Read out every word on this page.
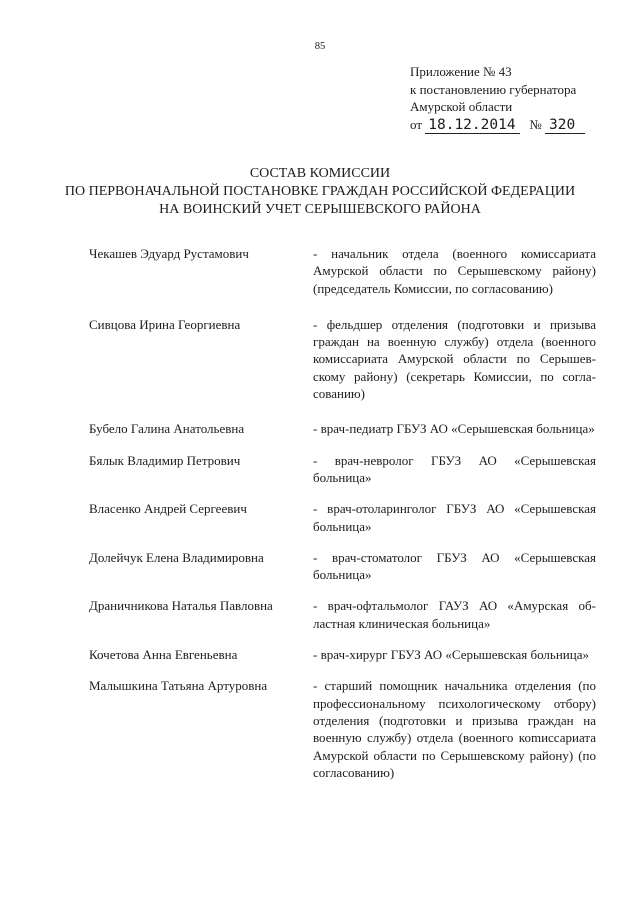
85
Приложение № 43
к постановлению губернатора
Амурской области
от 18.12.2014 № 320
СОСТАВ КОМИССИИ
ПО ПЕРВОНАЧАЛЬНОЙ ПОСТАНОВКЕ ГРАЖДАН РОССИЙСКОЙ ФЕДЕРАЦИИ
НА ВОИНСКИЙ УЧЕТ СЕРЫШЕВСКОГО РАЙОНА
Чекашев Эдуард Рустамович	- начальник отдела (военного комиссариата Амурской области по Серышевскому району) (председатель Комиссии, по согласованию)
Сивцова Ирина Георгиевна	- фельдшер отделения (подготовки и призыва граждан на военную службу) отдела (военного комиссариата Амурской области по Серышевскому району) (секретарь Комиссии, по согласованию)
Бубело Галина Анатольевна	- врач-педиатр ГБУЗ АО «Серышевская больница»
Бялык Владимир Петрович	- врач-невролог ГБУЗ АО «Серышевская больница»
Власенко Андрей Сергеевич	- врач-отоларинголог ГБУЗ АО «Серышевская больница»
Долейчук Елена Владимировна	- врач-стоматолог ГБУЗ АО «Серышевская больница»
Драничникова Наталья Павловна	- врач-офтальмолог ГАУЗ АО «Амурская областная клиническая больница»
Кочетова Анна Евгеньевна	- врач-хирург ГБУЗ АО «Серышевская больница»
Малышкина Татьяна Артуровна	- старший помощник начальника отделения (по профессиональному психологическому отбору) отделения (подготовки и призыва граждан на военную службу) отдела (военного коmиссариата Амурской области по Серышевскому району) (по согласованию)
